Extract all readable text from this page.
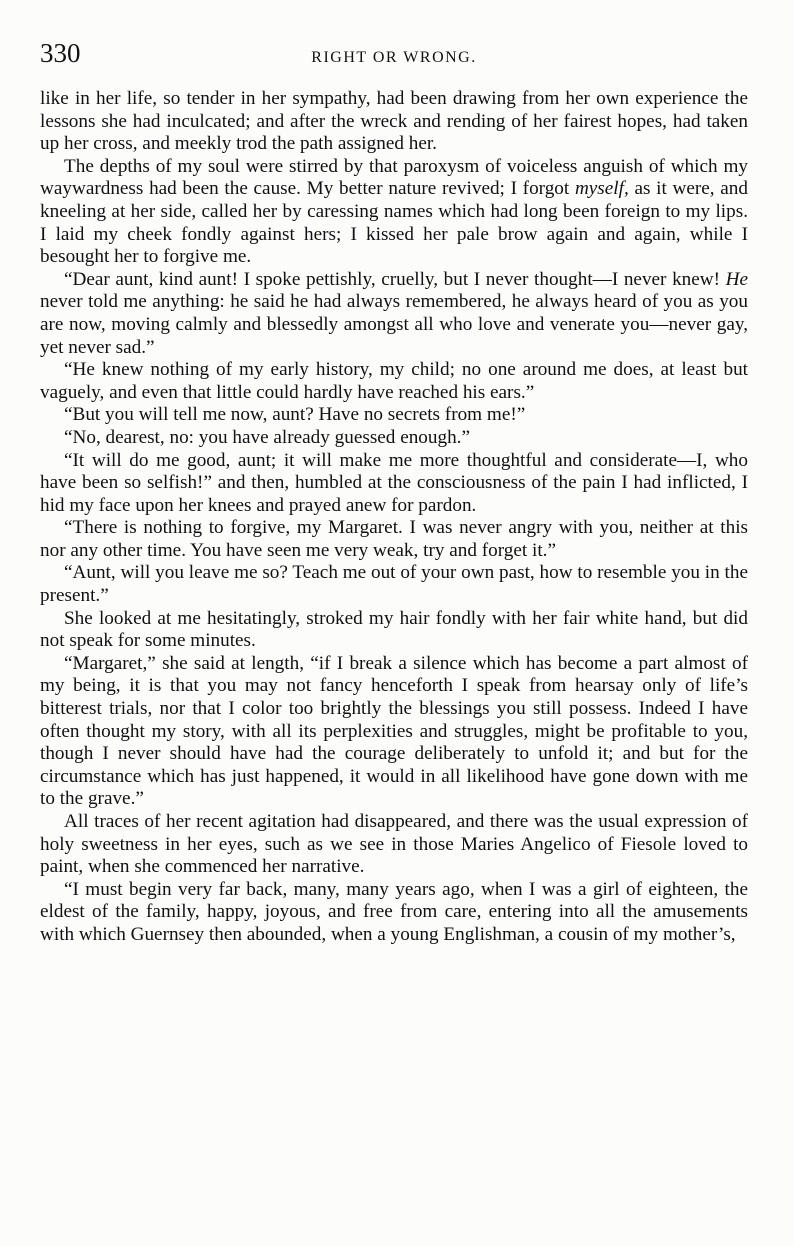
330	RIGHT OR WRONG.

like in her life, so tender in her sympathy, had been drawing from her own experience the lessons she had inculcated; and after the wreck and rending of her fairest hopes, had taken up her cross, and meekly trod the path assigned her.

The depths of my soul were stirred by that paroxysm of voiceless anguish of which my waywardness had been the cause. My better nature revived; I forgot myself, as it were, and kneeling at her side, called her by caressing names which had long been foreign to my lips. I laid my cheek fondly against hers; I kissed her pale brow again and again, while I besought her to forgive me.

“Dear aunt, kind aunt! I spoke pettishly, cruelly, but I never thought—I never knew! He never told me anything: he said he had always remembered, he always heard of you as you are now, moving calmly and blessedly amongst all who love and venerate you—never gay, yet never sad.”

“He knew nothing of my early history, my child; no one around me does, at least but vaguely, and even that little could hardly have reached his ears.”

“But you will tell me now, aunt? Have no secrets from me!”

“No, dearest, no: you have already guessed enough.”

“It will do me good, aunt; it will make me more thoughtful and considerate—I, who have been so selfish!” and then, humbled at the consciousness of the pain I had inflicted, I hid my face upon her knees and prayed anew for pardon.

“There is nothing to forgive, my Margaret. I was never angry with you, neither at this nor any other time. You have seen me very weak, try and forget it.”

“Aunt, will you leave me so? Teach me out of your own past, how to resemble you in the present.”

She looked at me hesitatingly, stroked my hair fondly with her fair white hand, but did not speak for some minutes.

“Margaret,” she said at length, “if I break a silence which has become a part almost of my being, it is that you may not fancy henceforth I speak from hearsay only of life’s bitterest trials, nor that I color too brightly the blessings you still possess. Indeed I have often thought my story, with all its perplexities and struggles, might be profitable to you, though I never should have had the courage deliberately to unfold it; and but for the circumstance which has just happened, it would in all likelihood have gone down with me to the grave.”

All traces of her recent agitation had disappeared, and there was the usual expression of holy sweetness in her eyes, such as we see in those Maries Angelico of Fiesole loved to paint, when she commenced her narrative.

“I must begin very far back, many, many years ago, when I was a girl of eighteen, the eldest of the family, happy, joyous, and free from care, entering into all the amusements with which Guernsey then abounded, when a young Englishman, a cousin of my mother’s,
